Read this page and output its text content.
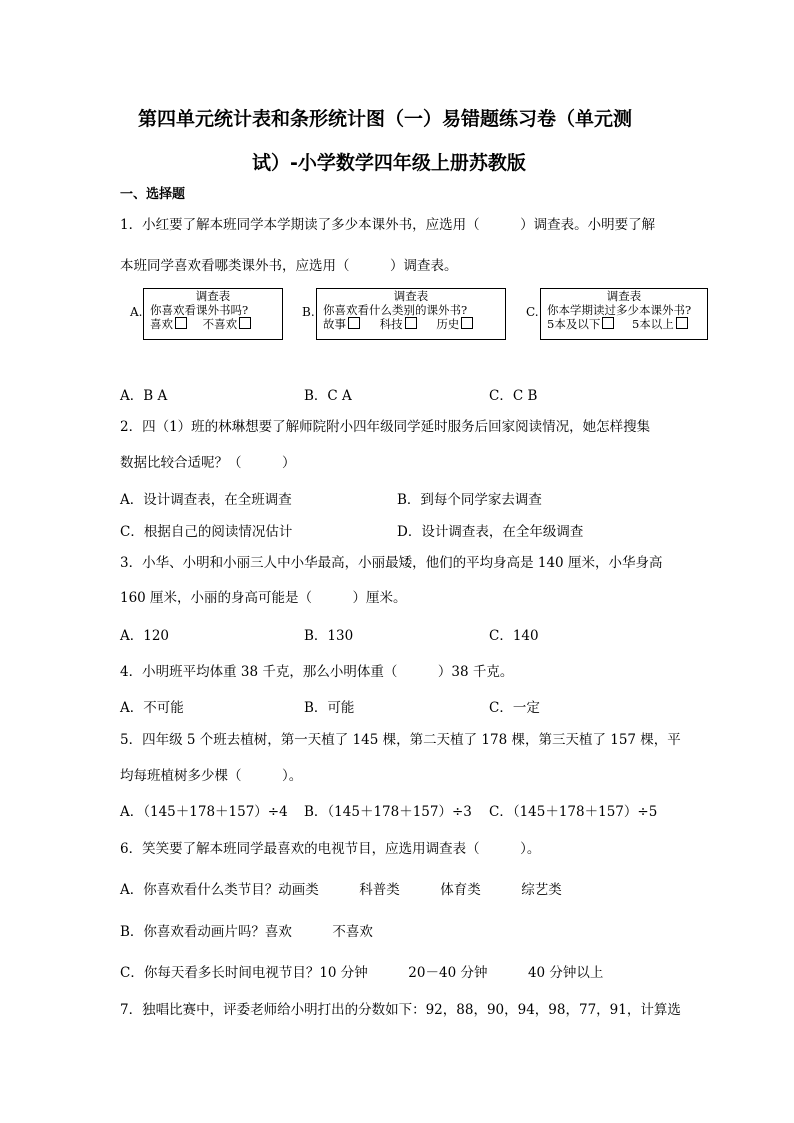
第四单元统计表和条形统计图（一）易错题练习卷（单元测
试）-小学数学四年级上册苏教版
一、选择题
1．小红要了解本班同学本学期读了多少本课外书，应选用（　　　）调查表。小明要了解
本班同学喜欢看哪类课外书，应选用（　　　）调查表。
A.
调查表
你喜欢看课外书吗?
喜欢	不喜欢
B.
调查表
你喜欢看什么类别的课外书?
故事	科技	历史
C.
调查表
你本学期读过多少本课外书?
5本及以下	5本以上
A．B A	B．C A	C．C B
2．四（1）班的林琳想要了解师院附小四年级同学延时服务后回家阅读情况，她怎样搜集
数据比较合适呢？（　　　）
A．设计调查表，在全班调查	B．到每个同学家去调查
C．根据自己的阅读情况估计	D．设计调查表，在全年级调查
3．小华、小明和小丽三人中小华最高，小丽最矮，他们的平均身高是 140 厘米，小华身高
160 厘米，小丽的身高可能是（　　　）厘米。
A．120	B．130	C．140
4．小明班平均体重 38 千克，那么小明体重（　　　）38 千克。
A．不可能	B．可能	C．一定
5．四年级 5 个班去植树，第一天植了 145 棵，第二天植了 178 棵，第三天植了 157 棵，平
均每班植树多少棵（　　　）。
A．（145＋178＋157）÷4 B．（145＋178＋157）÷3 C．（145＋178＋157）÷5
6．笑笑要了解本班同学最喜欢的电视节目，应选用调查表（　　　）。
A．你喜欢看什么类节目？动画类　　　科普类　　　体育类　　　综艺类
B．你喜欢看动画片吗？喜欢　　　不喜欢
C．你每天看多长时间电视节目？10 分钟　　　20－40 分钟　　　40 分钟以上
7．独唱比赛中，评委老师给小明打出的分数如下：92，88，90，94，98，77，91，计算选
